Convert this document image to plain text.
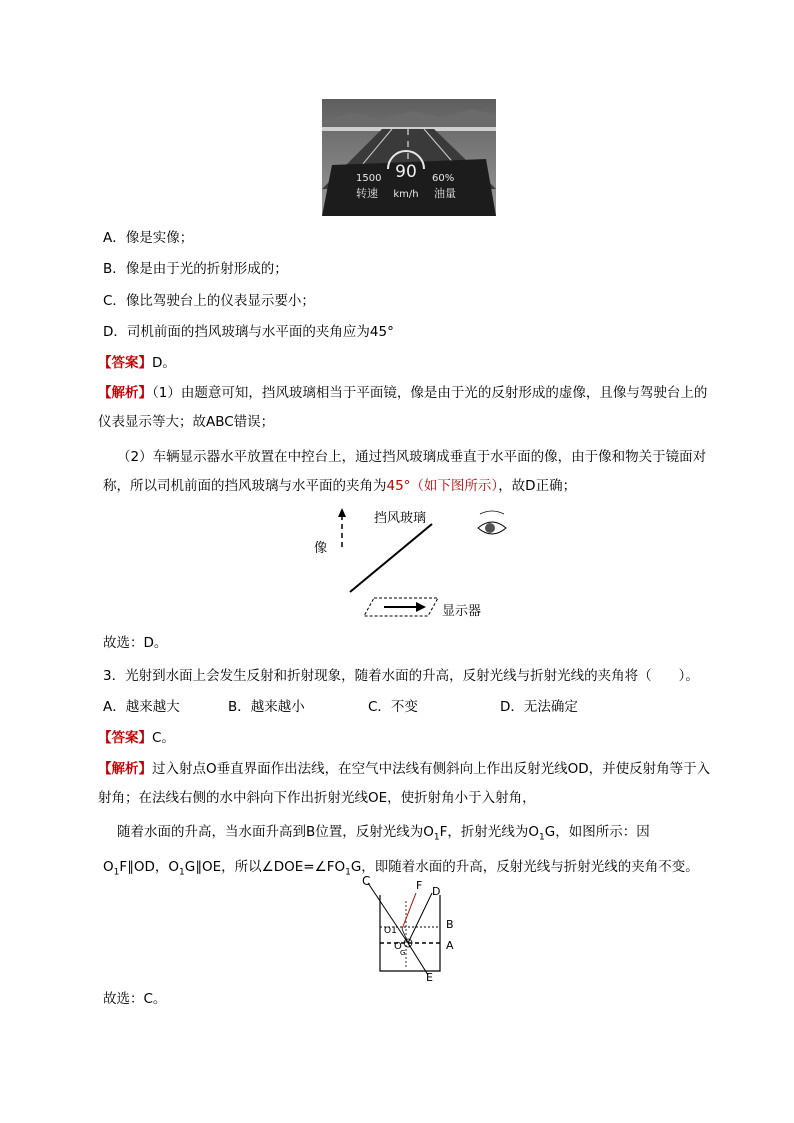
90
1500
转速 km/h
60%
油量
A．像是实像；
B．像是由于光的折射形成的；
C．像比驾驶台上的仪表显示要小；
D．司机前面的挡风玻璃与水平面的夹角应为45°
【答案】D。
【解析】（1）由题意可知，挡风玻璃相当于平面镜，像是由于光的反射形成的虚像，且像与驾驶台上的仪表显示等大；故ABC错误；
（2）车辆显示器水平放置在中控台上，通过挡风玻璃成垂直于水平面的像，由于像和物关于镜面对称，所以司机前面的挡风玻璃与水平面的夹角为45°（如下图所示），故D正确；
像
挡风玻璃
显示器
故选：D。
3．光射到水面上会发生反射和折射现象，随着水面的升高，反射光线与折射光线的夹角将（　　）。
A．越来越大	B．越来越小	C．不变	D．无法确定
【答案】C。
【解析】过入射点O垂直界面作出法线，在空气中法线有侧斜向上作出反射光线OD，并使反射角等于入射角；在法线右侧的水中斜向下作出折射光线OE，使折射角小于入射角，
随着水面的升高，当水面升高到B位置，反射光线为$O_1F$，折射光线为$O_1G$，如图所示：因$O_1F\parallel OD$，$O_1G\parallel OE$，所以$\angle DOE=\angle FO_1G$，即随着水面的升高，反射光线与折射光线的夹角不变。
C	F D
B
A
E
O
O1
G
故选：C。
